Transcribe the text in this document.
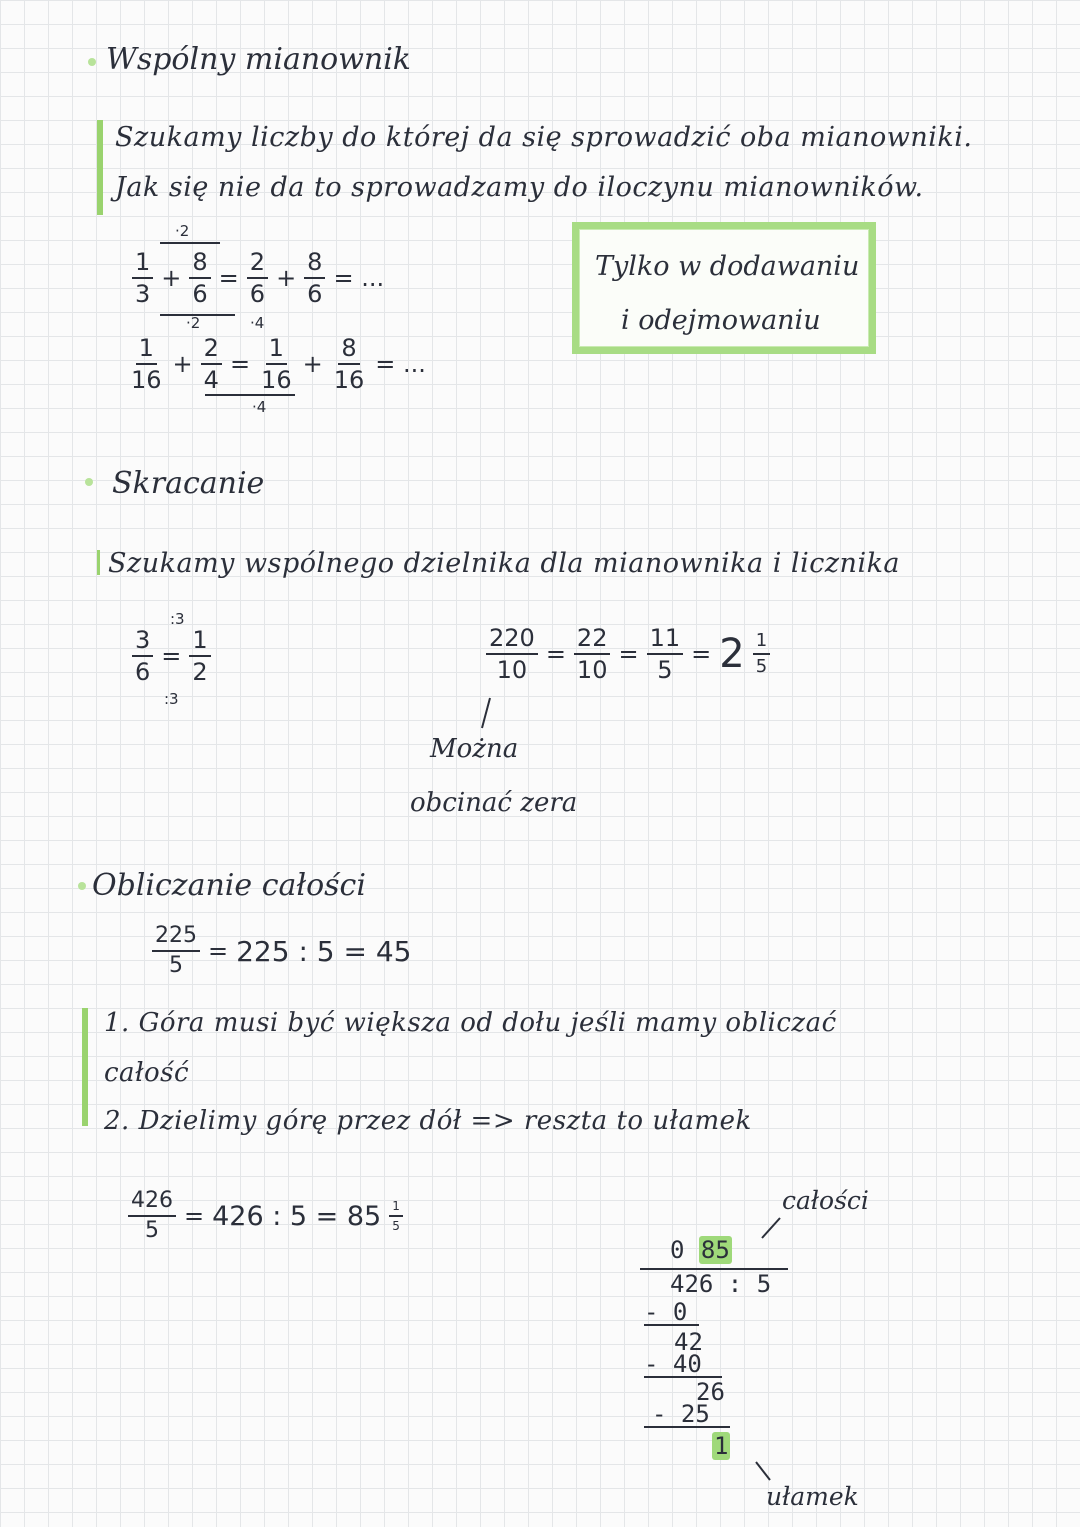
Wspólny mianownik
Szukamy liczby do której da się sprowadzić oba mianowniki.
Jak się nie da to sprowadzamy do iloczynu mianowników.
·2
$\frac{1}{3} + \frac{8}{6} = \frac{2}{6} + \frac{8}{6}$ = ...
·2	·4
$\frac{1}{16} + \frac{2}{4} = \frac{1}{16} + \frac{8}{16}$ = ...
·4
Tylko w dodawaniu
i odejmowaniu
Skracanie
Szukamy wspólnego dzielnika dla mianownika i licznika
:3
$\frac{3}{6} = \frac{1}{2}$
:3
$\frac{220}{10} = \frac{22}{10} = \frac{11}{5} = 2 \frac{1}{5}$
Można
obcinać zera
Obliczanie całości
$\frac{225}{5} = 225$ : 5 = 45
1. Góra musi być większa od dołu jeśli mamy obliczać
całość
2. Dzielimy górę przez dół => reszta to ułamek
$\frac{426}{5} = 426$ : $5 = 85 \frac{1}{5}$
0 85
426 : 5
- 0
42
- 40
26
- 25
1
całości
ułamek
